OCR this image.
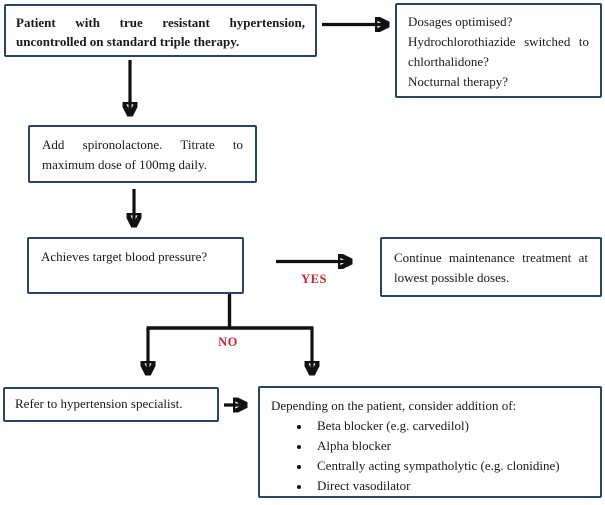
Patient with true resistant hypertension, uncontrolled on standard triple therapy.

Dosages optimised?

Hydrochlorothiazide switched to chlorthalidone?

Nocturnal therapy?

Add spironolactone. Titrate to maximum dose of 100mg daily.

Achieves target blood pressure?	Continue maintenance treatment at lowest possible doses.

YES
NO

Refer to hypertension specialist.	Depending on the patient, consider addition of:

• Beta blocker (e.g. carvedilol)
• Alpha blocker
• Centrally acting sympatholytic (e.g. clonidine)
• Direct vasodilator
